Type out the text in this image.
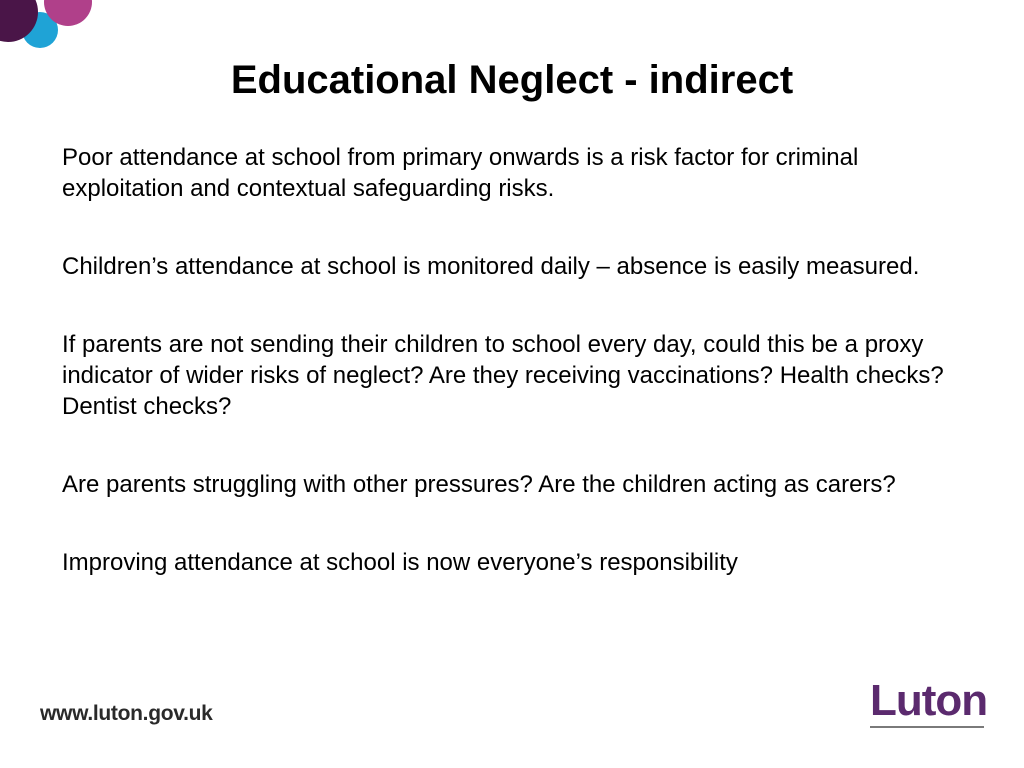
Educational Neglect - indirect

Poor attendance at school from primary onwards is a risk factor for criminal exploitation and contextual safeguarding risks.

Children’s attendance at school is monitored daily – absence is easily measured.

If parents are not sending their children to school every day, could this be a proxy indicator of wider risks of neglect? Are they receiving vaccinations? Health checks? Dentist checks?

Are parents struggling with other pressures? Are the children acting as carers?

Improving attendance at school is now everyone’s responsibility

www.luton.gov.uk	Luton
